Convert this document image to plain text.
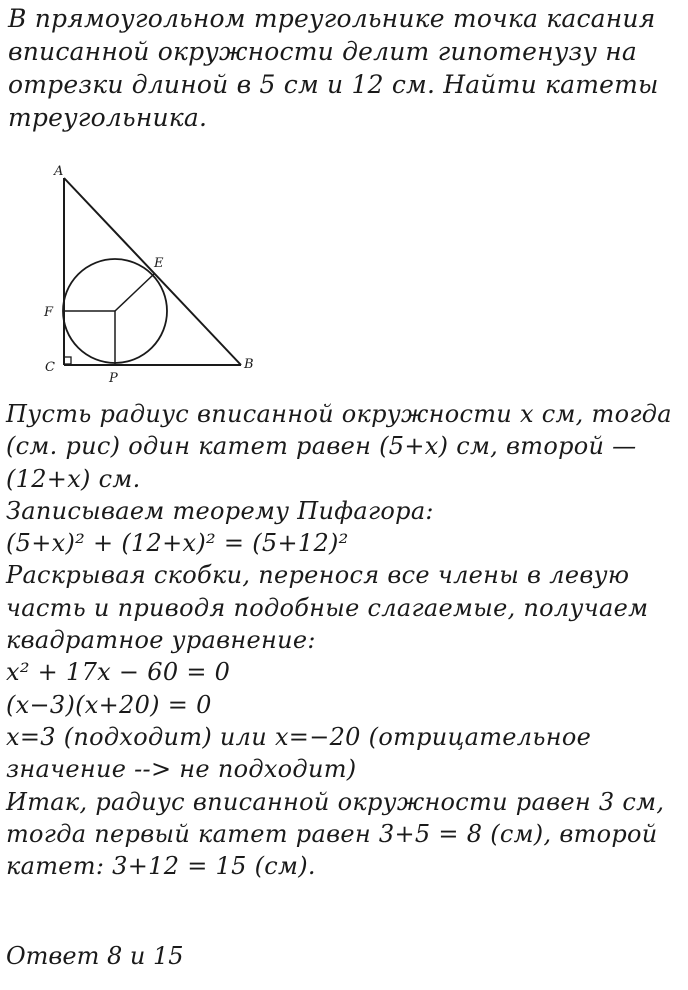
В прямоугольном треугольнике точка касания
вписанной окружности делит гипотенузу на
отрезки длиной в 5 см и 12 см. Найти катеты
треугольника.
A
E
F
C
P
B
Пусть радиус вписанной окружности х см, тогда
(см. рис) один катет равен (5+х) см, второй —
(12+х) см.
Записываем теорему Пифагора:
(5+х)² + (12+х)² = (5+12)²
Раскрывая скобки, перенося все члены в левую
часть и приводя подобные слагаемые, получаем
квадратное уравнение:
х² + 17х − 60 = 0
(х−3)(х+20) = 0
х=3 (подходит) или х=−20 (отрицательное
значение --> не подходит)
Итак, радиус вписанной окружности равен 3 см,
тогда первый катет равен 3+5 = 8 (см), второй
катет: 3+12 = 15 (см).
Ответ 8 и 15
